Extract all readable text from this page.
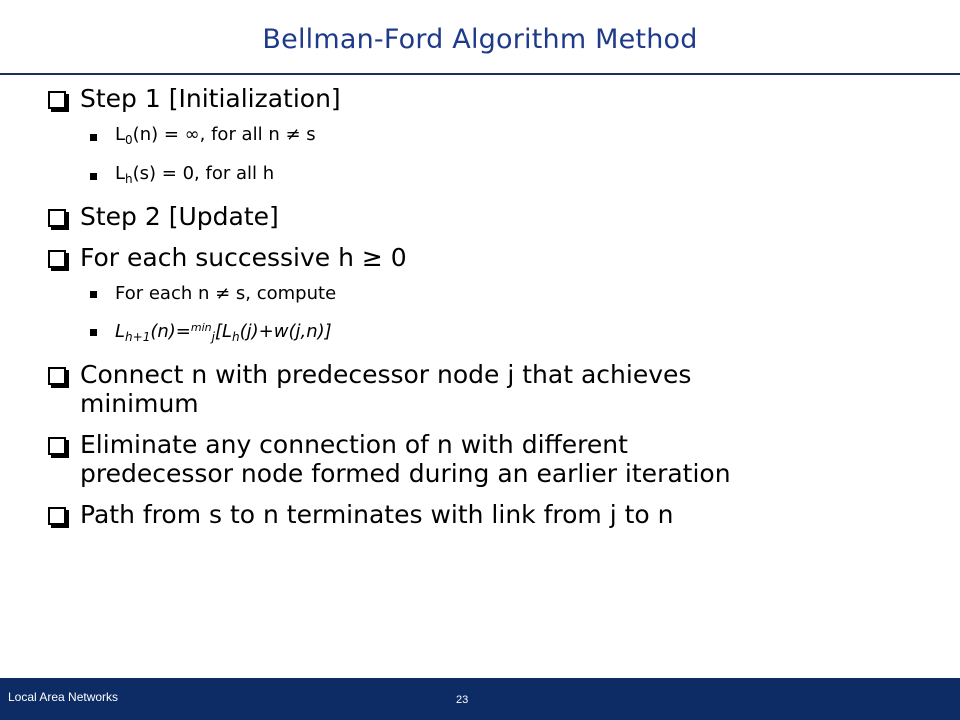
Bellman-Ford Algorithm Method
Step 1 [Initialization]
$L_0(n)$ = ∞, for all n ≠ s
$L_h(s) = 0$, for all h
Step 2 [Update]
For each successive h ≥ 0
For each n ≠ s, compute
$L_{h+1}(n)=^{min}_j[L_h(j)+w(j,n)]$
Connect n with predecessor node j that achieves
minimum
Eliminate any connection of n with different
predecessor node formed during an earlier iteration
Path from s to n terminates with link from j to n
Local Area Networks	23
